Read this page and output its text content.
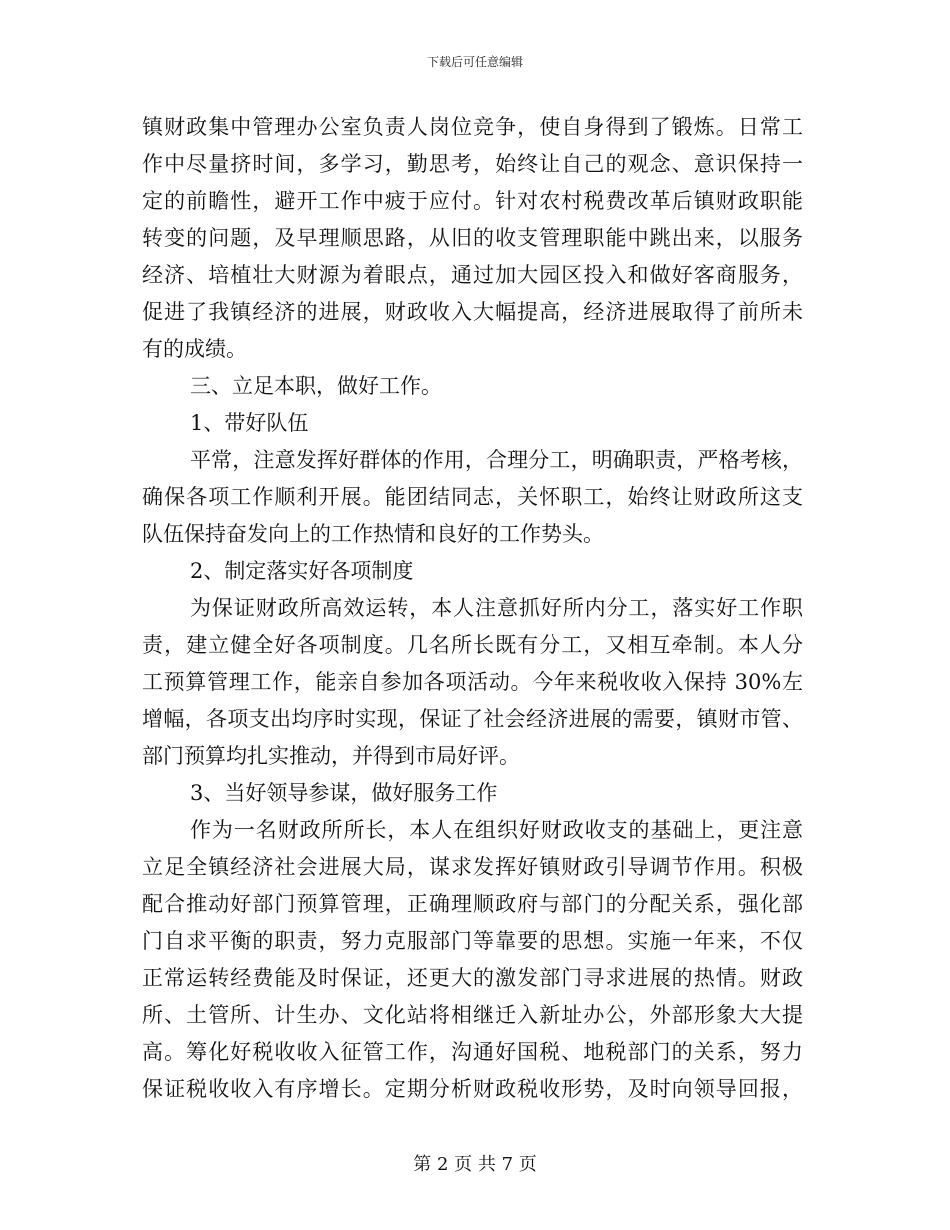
下载后可任意编辑
镇财政集中管理办公室负责人岗位竞争，使自身得到了锻炼。日常工
作中尽量挤时间，多学习，勤思考，始终让自己的观念、意识保持一
定的前瞻性，避开工作中疲于应付。针对农村税费改革后镇财政职能
转变的问题，及早理顺思路，从旧的收支管理职能中跳出来，以服务
经济、培植壮大财源为着眼点，通过加大园区投入和做好客商服务，
促进了我镇经济的进展，财政收入大幅提高，经济进展取得了前所未
有的成绩。
三、立足本职，做好工作。
1、带好队伍
平常，注意发挥好群体的作用，合理分工，明确职责，严格考核，
确保各项工作顺利开展。能团结同志，关怀职工，始终让财政所这支
队伍保持奋发向上的工作热情和良好的工作势头。
2、制定落实好各项制度
为保证财政所高效运转，本人注意抓好所内分工，落实好工作职
责，建立健全好各项制度。几名所长既有分工，又相互牵制。本人分
工预算管理工作，能亲自参加各项活动。今年来税收收入保持 30%左
增幅，各项支出均序时实现，保证了社会经济进展的需要，镇财市管、
部门预算均扎实推动，并得到市局好评。
3、当好领导参谋，做好服务工作
作为一名财政所所长，本人在组织好财政收支的基础上，更注意
立足全镇经济社会进展大局，谋求发挥好镇财政引导调节作用。积极
配合推动好部门预算管理，正确理顺政府与部门的分配关系，强化部
门自求平衡的职责，努力克服部门等靠要的思想。实施一年来，不仅
正常运转经费能及时保证，还更大的激发部门寻求进展的热情。财政
所、土管所、计生办、文化站将相继迁入新址办公，外部形象大大提
高。筹化好税收收入征管工作，沟通好国税、地税部门的关系，努力
保证税收收入有序增长。定期分析财政税收形势，及时向领导回报，
第 2 页 共 7 页
